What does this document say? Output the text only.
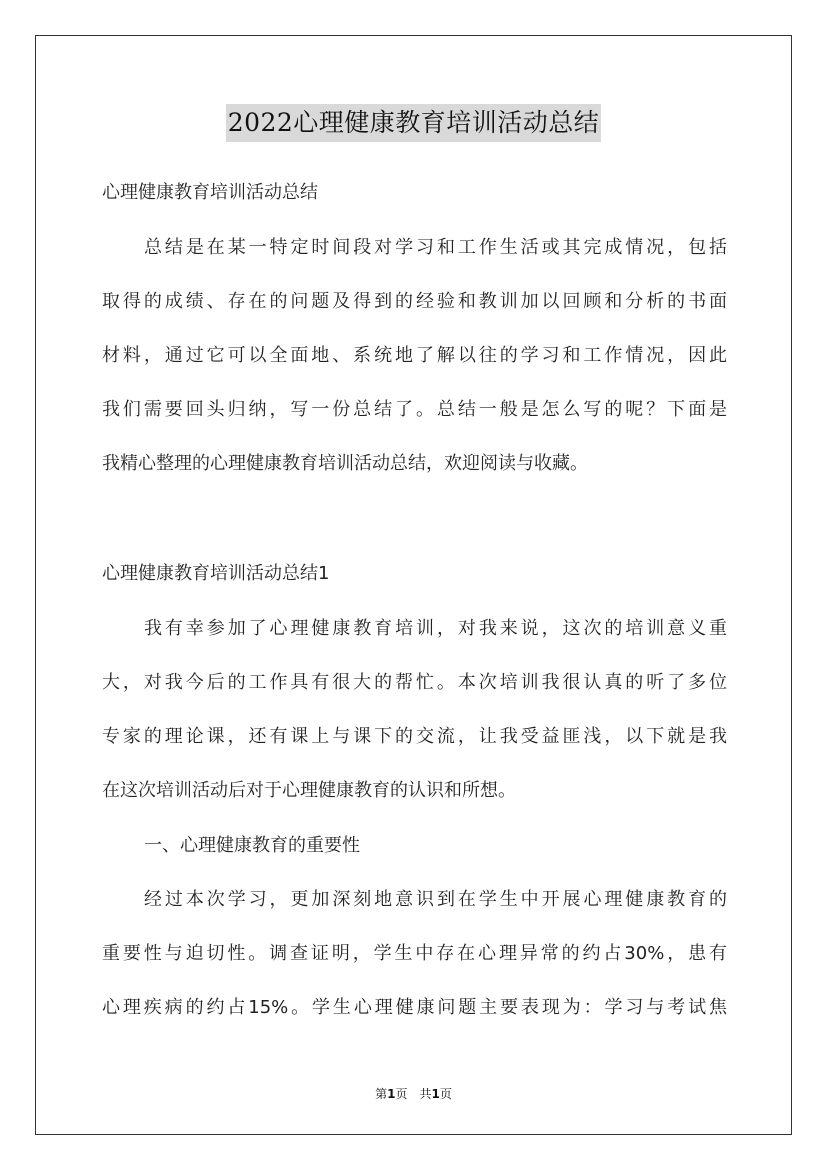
2022心理健康教育培训活动总结

心理健康教育培训活动总结

总结是在某一特定时间段对学习和工作生活或其完成情况，包括
取得的成绩、存在的问题及得到的经验和教训加以回顾和分析的书面
材料，通过它可以全面地、系统地了解以往的学习和工作情况，因此
我们需要回头归纳，写一份总结了。总结一般是怎么写的呢？下面是
我精心整理的心理健康教育培训活动总结，欢迎阅读与收藏。

心理健康教育培训活动总结1

我有幸参加了心理健康教育培训，对我来说，这次的培训意义重
大，对我今后的工作具有很大的帮忙。本次培训我很认真的听了多位
专家的理论课，还有课上与课下的交流，让我受益匪浅，以下就是我
在这次培训活动后对于心理健康教育的认识和所想。

一、心理健康教育的重要性

经过本次学习，更加深刻地意识到在学生中开展心理健康教育的
重要性与迫切性。调查证明，学生中存在心理异常的约占30%，患有
心理疾病的约占15%。学生心理健康问题主要表现为：学习与考试焦
第1页　共1页
